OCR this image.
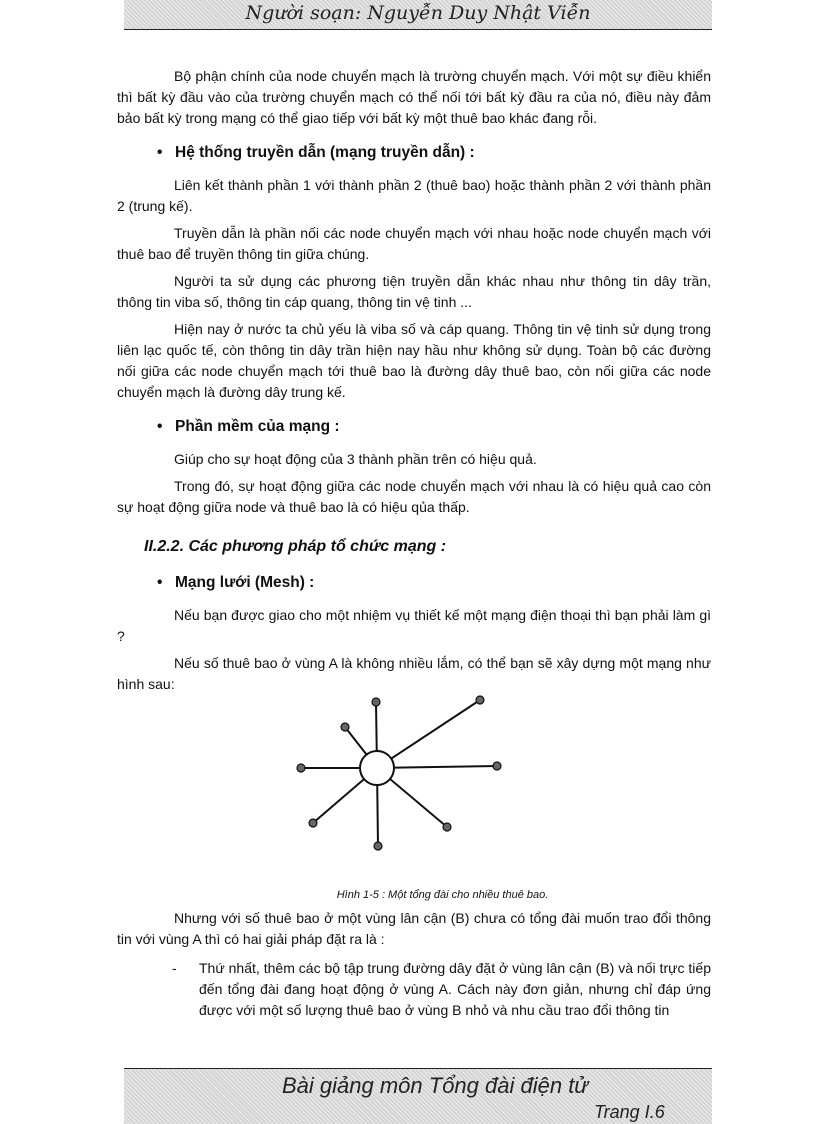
Người soạn: Nguyễn Duy Nhật Viễn

Bộ phận chính của node chuyển mạch là trường chuyển mạch. Với một sự điều khiển thì bất kỳ đầu vào của trường chuyển mạch có thể nối tới bất kỳ đầu ra của nó, điều này đảm bảo bất kỳ trong mạng có thể giao tiếp với bất kỳ một thuê bao khác đang rỗi.

• Hệ thống truyền dẫn (mạng truyền dẫn) :

Liên kết thành phần 1 với thành phần 2 (thuê bao) hoặc thành phần 2 với thành phần 2 (trung kế).

Truyền dẫn là phần nối các node chuyển mạch với nhau hoặc node chuyển mạch với thuê bao để truyền thông tin giữa chúng.

Người ta sử dụng các phương tiện truyền dẫn khác nhau như thông tin dây trần, thông tin viba số, thông tin cáp quang, thông tin vệ tinh ...

Hiện nay ở nước ta chủ yếu là viba số và cáp quang. Thông tin vệ tinh sử dụng trong liên lạc quốc tế, còn thông tin dây trần hiện nay hầu như không sử dụng. Toàn bộ các đường nối giữa các node chuyển mạch tới thuê bao là đường dây thuê bao, còn nối giữa các node chuyển mạch là đường dây trung kế.

• Phần mềm của mạng :

Giúp cho sự hoạt động của 3 thành phần trên có hiệu quả.

Trong đó, sự hoạt động giữa các node chuyển mạch với nhau là có hiệu quả cao còn sự hoạt động giữa node và thuê bao là có hiệu qủa thấp.

II.2.2. Các phương pháp tổ chức mạng :
• Mạng lưới (Mesh) :

Nếu bạn được giao cho một nhiệm vụ thiết kế một mạng điện thoại thì bạn phải làm gì ?

Nếu số thuê bao ở vùng A là không nhiều lắm, có thể bạn sẽ xây dựng một mạng như hình sau:

Hình 1-5 : Một tổng đài cho nhiều thuê bao.

Nhưng với số thuê bao ở một vùng lân cận (B) chưa có tổng đài muốn trao đổi thông tin với vùng A thì có hai giải pháp đặt ra là :

-	Thứ nhất, thêm các bộ tập trung đường dây đặt ở vùng lân cận (B) và nối trực tiếp đến tổng đài đang hoạt động ở vùng A. Cách này đơn giản, nhưng chỉ đáp ứng được với một số lượng thuê bao ở vùng B nhỏ và nhu cầu trao đổi thông tin
Bài giảng môn Tổng đài điện tử
Trang I.6
